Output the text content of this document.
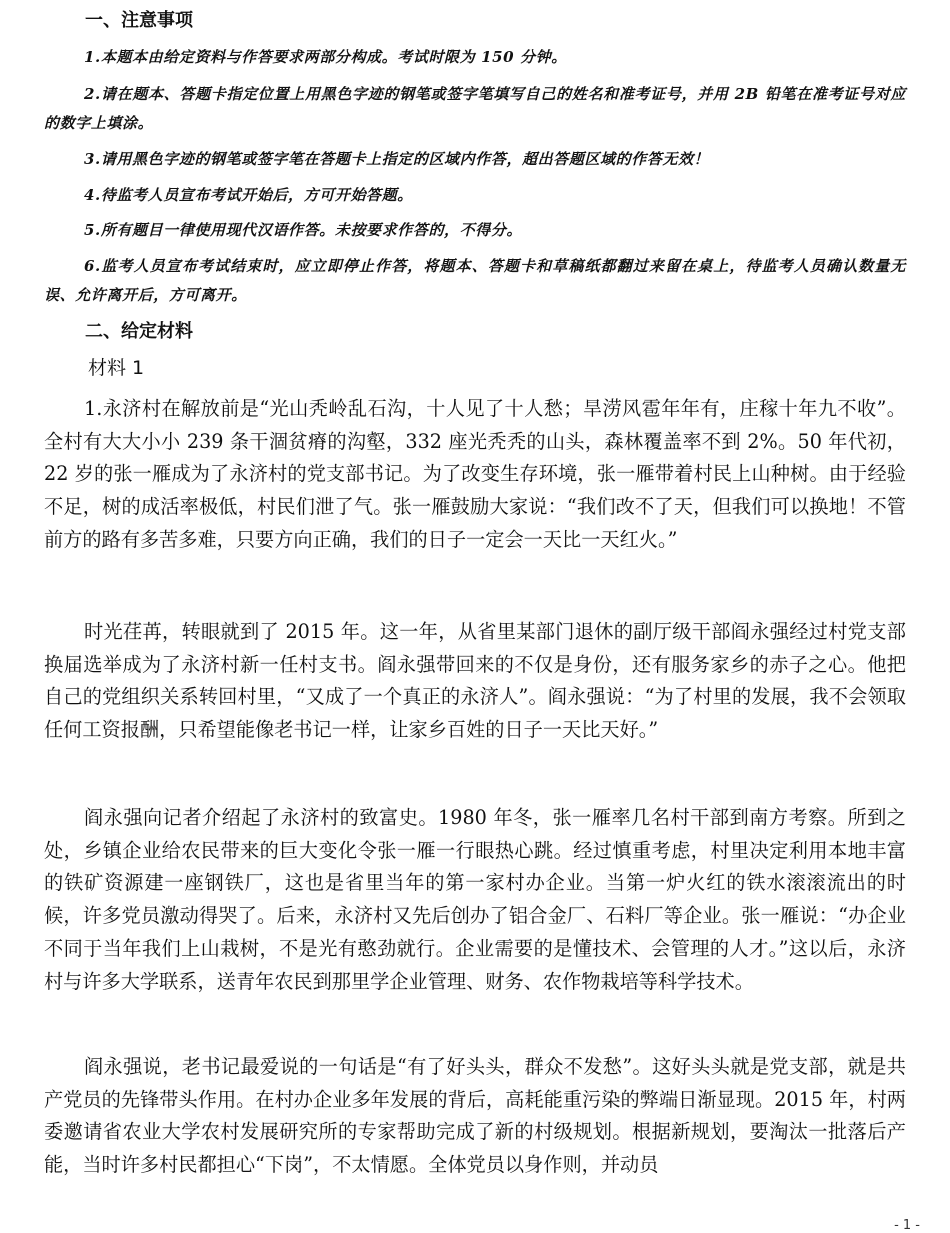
一、注意事项
1.本题本由给定资料与作答要求两部分构成。考试时限为 150 分钟。
2.请在题本、答题卡指定位置上用黑色字迹的钢笔或签字笔填写自己的姓名和准考证号，并用 2B 铅笔在准考证号对应的数字上填涂。
3.请用黑色字迹的钢笔或签字笔在答题卡上指定的区域内作答，超出答题区域的作答无效！
4.待监考人员宣布考试开始后，方可开始答题。
5.所有题目一律使用现代汉语作答。未按要求作答的，不得分。
6.监考人员宣布考试结束时，应立即停止作答，将题本、答题卡和草稿纸都翻过来留在桌上，待监考人员确认数量无误、允许离开后，方可离开。
二、给定材料
材料 1
1.永济村在解放前是“光山秃岭乱石沟，十人见了十人愁；旱涝风雹年年有，庄稼十年九不收”。全村有大大小小 239 条干涸贫瘠的沟壑，332 座光秃秃的山头，森林覆盖率不到 2%。50 年代初，22 岁的张一雁成为了永济村的党支部书记。为了改变生存环境，张一雁带着村民上山种树。由于经验不足，树的成活率极低，村民们泄了气。张一雁鼓励大家说：“我们改不了天，但我们可以换地！不管前方的路有多苦多难，只要方向正确，我们的日子一定会一天比一天红火。”
时光荏苒，转眼就到了 2015 年。这一年，从省里某部门退休的副厅级干部阎永强经过村党支部换届选举成为了永济村新一任村支书。阎永强带回来的不仅是身份，还有服务家乡的赤子之心。他把自己的党组织关系转回村里，“又成了一个真正的永济人”。阎永强说：“为了村里的发展，我不会领取任何工资报酬，只希望能像老书记一样，让家乡百姓的日子一天比天好。”
阎永强向记者介绍起了永济村的致富史。1980 年冬，张一雁率几名村干部到南方考察。所到之处，乡镇企业给农民带来的巨大变化令张一雁一行眼热心跳。经过慎重考虑，村里决定利用本地丰富的铁矿资源建一座钢铁厂，这也是省里当年的第一家村办企业。当第一炉火红的铁水滚滚流出的时候，许多党员激动得哭了。后来，永济村又先后创办了铝合金厂、石料厂等企业。张一雁说：“办企业不同于当年我们上山栽树，不是光有憨劲就行。企业需要的是懂技术、会管理的人才。”这以后，永济村与许多大学联系，送青年农民到那里学企业管理、财务、农作物栽培等科学技术。
阎永强说，老书记最爱说的一句话是“有了好头头，群众不发愁”。这好头头就是党支部，就是共产党员的先锋带头作用。在村办企业多年发展的背后，高耗能重污染的弊端日渐显现。2015 年，村两委邀请省农业大学农村发展研究所的专家帮助完成了新的村级规划。根据新规划，要淘汰一批落后产能，当时许多村民都担心“下岗”，不太情愿。全体党员以身作则，并动员
- 1 -
